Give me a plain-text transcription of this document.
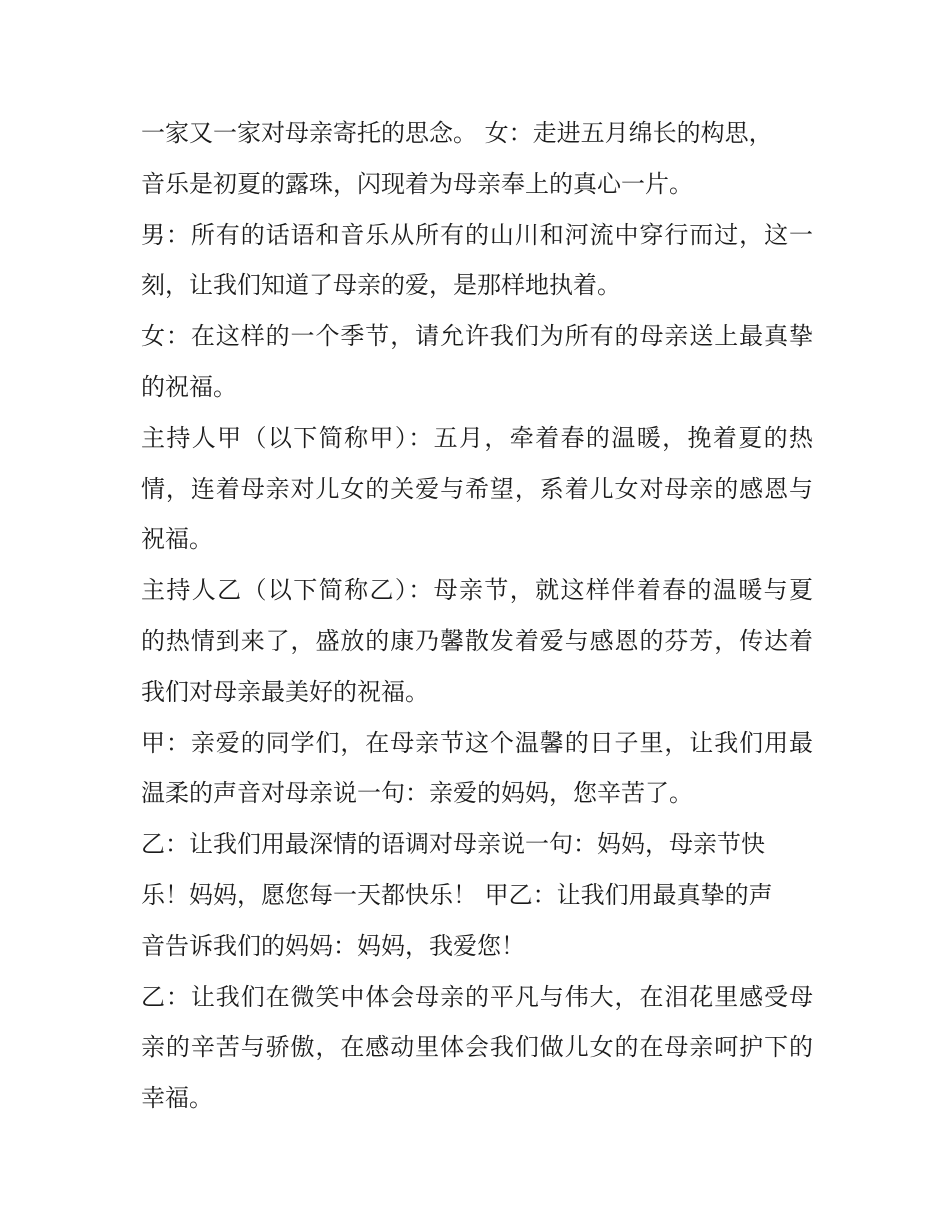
一家又一家对母亲寄托的思念。 女：走进五月绵长的构思，
音乐是初夏的露珠，闪现着为母亲奉上的真心一片。
男：所有的话语和音乐从所有的山川和河流中穿行而过，这一
刻，让我们知道了母亲的爱，是那样地执着。
女：在这样的一个季节，请允许我们为所有的母亲送上最真挚
的祝福。
主持人甲（以下简称甲）：五月，牵着春的温暖，挽着夏的热
情，连着母亲对儿女的关爱与希望，系着儿女对母亲的感恩与
祝福。
主持人乙（以下简称乙）：母亲节，就这样伴着春的温暖与夏
的热情到来了，盛放的康乃馨散发着爱与感恩的芬芳，传达着
我们对母亲最美好的祝福。
甲：亲爱的同学们，在母亲节这个温馨的日子里，让我们用最
温柔的声音对母亲说一句：亲爱的妈妈，您辛苦了。
乙：让我们用最深情的语调对母亲说一句：妈妈，母亲节快
乐！妈妈，愿您每一天都快乐！ 甲乙：让我们用最真挚的声
音告诉我们的妈妈：妈妈，我爱您！
乙：让我们在微笑中体会母亲的平凡与伟大，在泪花里感受母
亲的辛苦与骄傲，在感动里体会我们做儿女的在母亲呵护下的
幸福。
